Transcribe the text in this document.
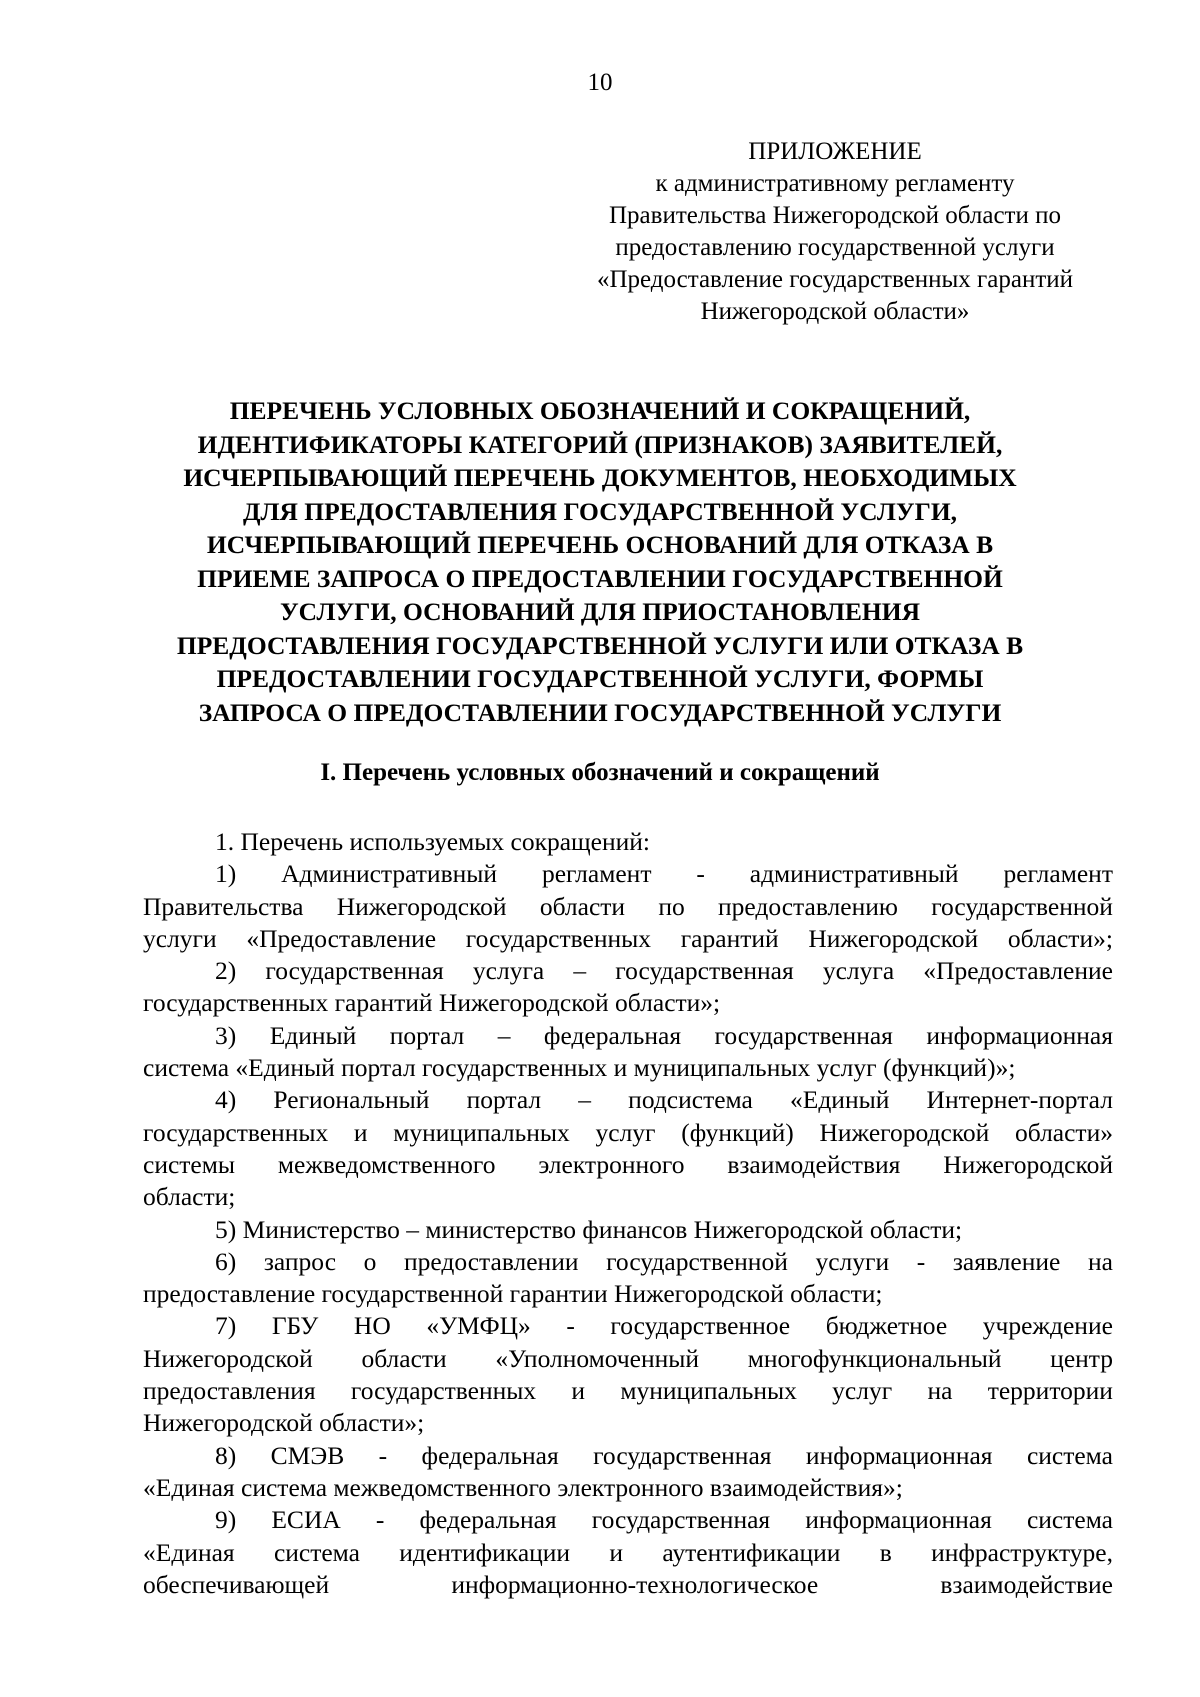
10
ПРИЛОЖЕНИЕ
к административному регламенту
Правительства Нижегородской области по
предоставлению государственной услуги
«Предоставление государственных гарантий
Нижегородской области»
ПЕРЕЧЕНЬ УСЛОВНЫХ ОБОЗНАЧЕНИЙ И СОКРАЩЕНИЙ,
ИДЕНТИФИКАТОРЫ КАТЕГОРИЙ (ПРИЗНАКОВ) ЗАЯВИТЕЛЕЙ,
ИСЧЕРПЫВАЮЩИЙ ПЕРЕЧЕНЬ ДОКУМЕНТОВ, НЕОБХОДИМЫХ
ДЛЯ ПРЕДОСТАВЛЕНИЯ ГОСУДАРСТВЕННОЙ УСЛУГИ,
ИСЧЕРПЫВАЮЩИЙ ПЕРЕЧЕНЬ ОСНОВАНИЙ ДЛЯ ОТКАЗА В
ПРИЕМЕ ЗАПРОСА О ПРЕДОСТАВЛЕНИИ ГОСУДАРСТВЕННОЙ
УСЛУГИ, ОСНОВАНИЙ ДЛЯ ПРИОСТАНОВЛЕНИЯ
ПРЕДОСТАВЛЕНИЯ ГОСУДАРСТВЕННОЙ УСЛУГИ ИЛИ ОТКАЗА В
ПРЕДОСТАВЛЕНИИ ГОСУДАРСТВЕННОЙ УСЛУГИ, ФОРМЫ
ЗАПРОСА О ПРЕДОСТАВЛЕНИИ ГОСУДАРСТВЕННОЙ УСЛУГИ
I. Перечень условных обозначений и сокращений
1. Перечень используемых сокращений:
1) Административный регламент - административный регламент
Правительства Нижегородской области по предоставлению государственной
услуги «Предоставление государственных гарантий Нижегородской области»;
2) государственная услуга – государственная услуга «Предоставление
государственных гарантий Нижегородской области»;
3) Единый портал – федеральная государственная информационная
система «Единый портал государственных и муниципальных услуг (функций)»;
4) Региональный портал – подсистема «Единый Интернет-портал
государственных и муниципальных услуг (функций) Нижегородской области»
системы межведомственного электронного взаимодействия Нижегородской
области;
5) Министерство – министерство финансов Нижегородской области;
6) запрос о предоставлении государственной услуги - заявление на
предоставление государственной гарантии Нижегородской области;
7) ГБУ НО «УМФЦ» - государственное бюджетное учреждение
Нижегородской области «Уполномоченный многофункциональный центр
предоставления государственных и муниципальных услуг на территории
Нижегородской области»;
8) СМЭВ - федеральная государственная информационная система
«Единая система межведомственного электронного взаимодействия»;
9) ЕСИА - федеральная государственная информационная система
«Единая система идентификации и аутентификации в инфраструктуре,
обеспечивающей	информационно-технологическое	взаимодействие
